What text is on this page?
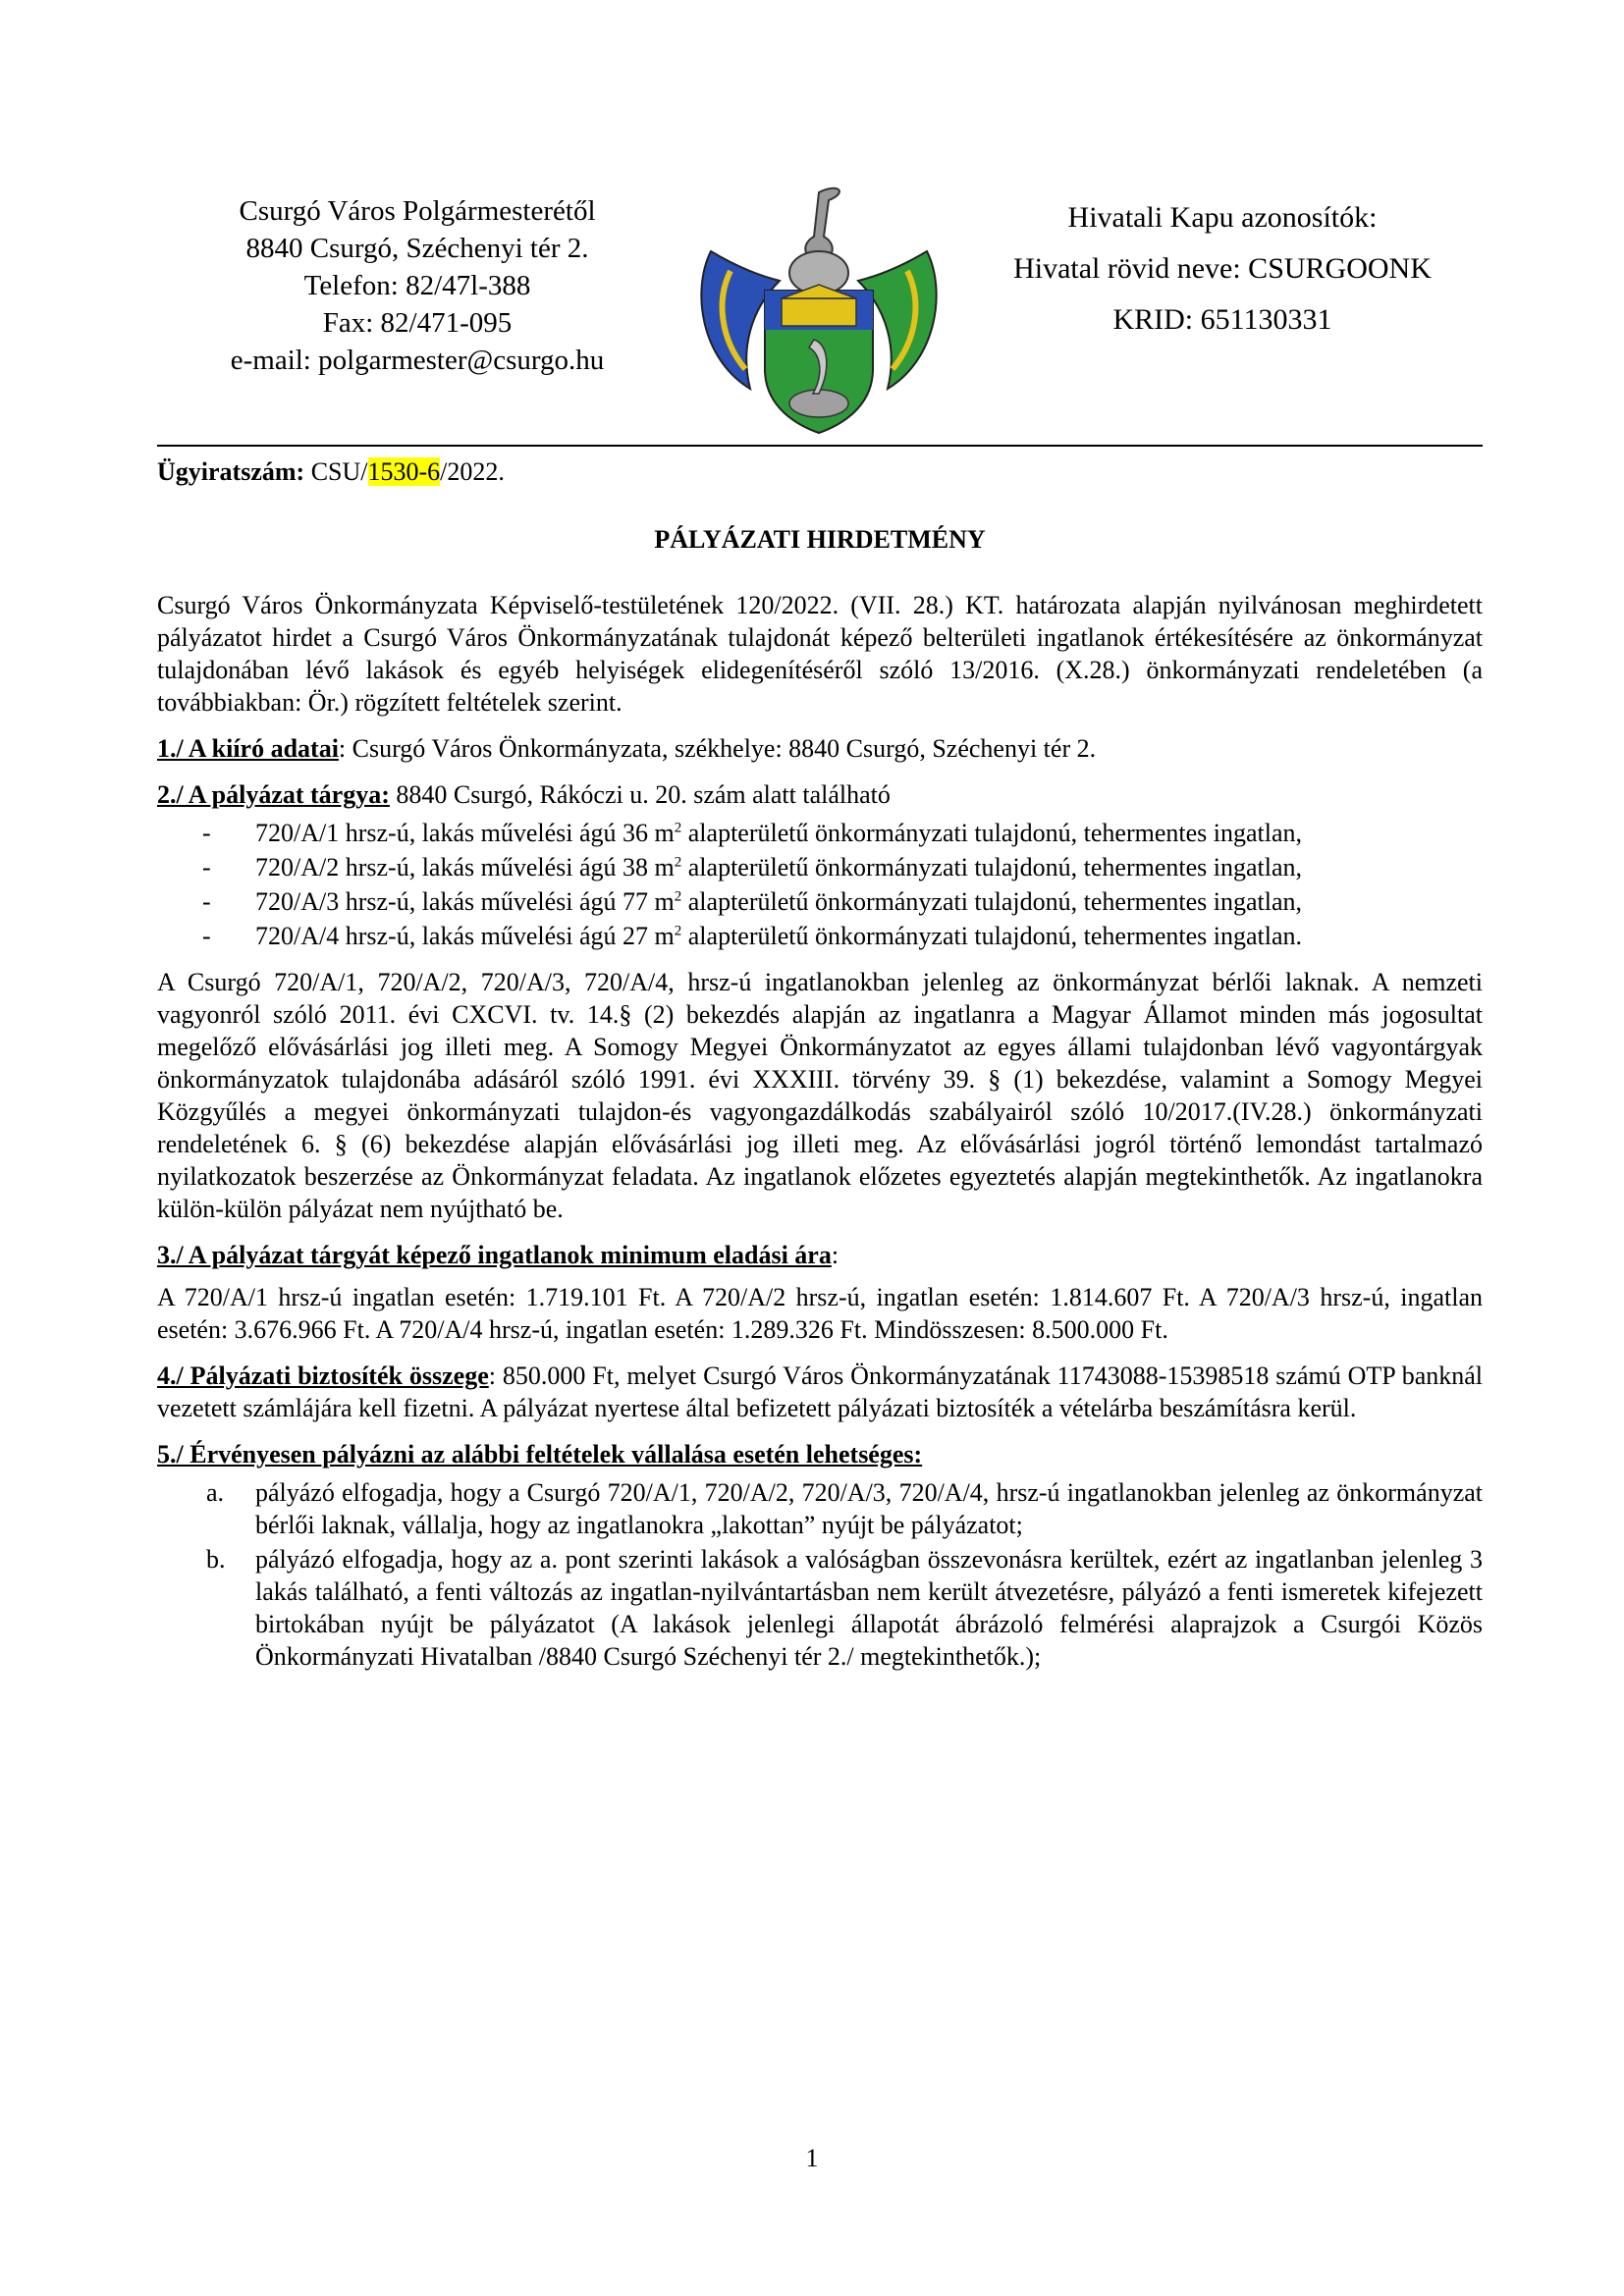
Csurgó Város Polgármesterétől
8840 Csurgó, Széchenyi tér 2.
Telefon: 82/47l-388
Fax: 82/471-095
e-mail: polgarmester@csurgo.hu
Hivatali Kapu azonosítók:
Hivatal rövid neve: CSURGOONK
KRID: 651130331
Ügyiratszám: CSU/1530-6/2022.
PÁLYÁZATI HIRDETMÉNY

Csurgó Város Önkormányzata Képviselő-testületének 120/2022. (VII. 28.) KT. határozata alapján nyilvánosan meghirdetett pályázatot hirdet a Csurgó Város Önkormányzatának tulajdonát képező belterületi ingatlanok értékesítésére az önkormányzat tulajdonában lévő lakások és egyéb helyiségek elidegenítéséről szóló 13/2016. (X.28.) önkormányzati rendeletében (a továbbiakban: Ör.) rögzített feltételek szerint.

1./ A kiíró adatai: Csurgó Város Önkormányzata, székhelye: 8840 Csurgó, Széchenyi tér 2.

2./ A pályázat tárgya: 8840 Csurgó, Rákóczi u. 20. szám alatt található

- 720/A/1 hrsz-ú, lakás művelési ágú 36 $m^2$ alapterületű önkormányzati tulajdonú, tehermentes ingatlan,
- 720/A/2 hrsz-ú, lakás művelési ágú 38 $m^2$ alapterületű önkormányzati tulajdonú, tehermentes ingatlan,
- 720/A/3 hrsz-ú, lakás művelési ágú 77 $m^2$ alapterületű önkormányzati tulajdonú, tehermentes ingatlan,
- 720/A/4 hrsz-ú, lakás művelési ágú 27 $m^2$ alapterületű önkormányzati tulajdonú, tehermentes ingatlan.

A Csurgó 720/A/1, 720/A/2, 720/A/3, 720/A/4, hrsz-ú ingatlanokban jelenleg az önkormányzat bérlői laknak. A nemzeti vagyonról szóló 2011. évi CXCVI. tv. 14.§ (2) bekezdés alapján az ingatlanra a Magyar Államot minden más jogosultat megelőző elővásárlási jog illeti meg. A Somogy Megyei Önkormányzatot az egyes állami tulajdonban lévő vagyontárgyak önkormányzatok tulajdonába adásáról szóló 1991. évi XXXIII. törvény 39. § (1) bekezdése, valamint a Somogy Megyei Közgyűlés a megyei önkormányzati tulajdon-és vagyongazdálkodás szabályairól szóló 10/2017.(IV.28.) önkormányzati rendeletének 6. § (6) bekezdése alapján elővásárlási jog illeti meg. Az elővásárlási jogról történő lemondást tartalmazó nyilatkozatok beszerzése az Önkormányzat feladata. Az ingatlanok előzetes egyeztetés alapján megtekinthetők. Az ingatlanokra külön-külön pályázat nem nyújtható be.

3./ A pályázat tárgyát képező ingatlanok minimum eladási ára:

A 720/A/1 hrsz-ú ingatlan esetén: 1.719.101 Ft. A 720/A/2 hrsz-ú, ingatlan esetén: 1.814.607 Ft. A 720/A/3 hrsz-ú, ingatlan esetén: 3.676.966 Ft. A 720/A/4 hrsz-ú, ingatlan esetén: 1.289.326 Ft. Mindösszesen: 8.500.000 Ft.

4./ Pályázati biztosíték összege: 850.000 Ft, melyet Csurgó Város Önkormányzatának 11743088-15398518 számú OTP banknál vezetett számlájára kell fizetni. A pályázat nyertese által befizetett pályázati biztosíték a vételárba beszámításra kerül.

5./ Érvényesen pályázni az alábbi feltételek vállalása esetén lehetséges:

a. pályázó elfogadja, hogy a Csurgó 720/A/1, 720/A/2, 720/A/3, 720/A/4, hrsz-ú ingatlanokban jelenleg az önkormányzat bérlői laknak, vállalja, hogy az ingatlanokra „lakottan” nyújt be pályázatot;
b. pályázó elfogadja, hogy az a. pont szerinti lakások a valóságban összevonásra kerültek, ezért az ingatlanban jelenleg 3 lakás található, a fenti változás az ingatlan-nyilvántartásban nem került átvezetésre, pályázó a fenti ismeretek kifejezett birtokában nyújt be pályázatot (A lakások jelenlegi állapotát ábrázoló felmérési alaprajzok a Csurgói Közös Önkormányzati Hivatalban /8840 Csurgó Széchenyi tér 2./ megtekinthetők.);
1
